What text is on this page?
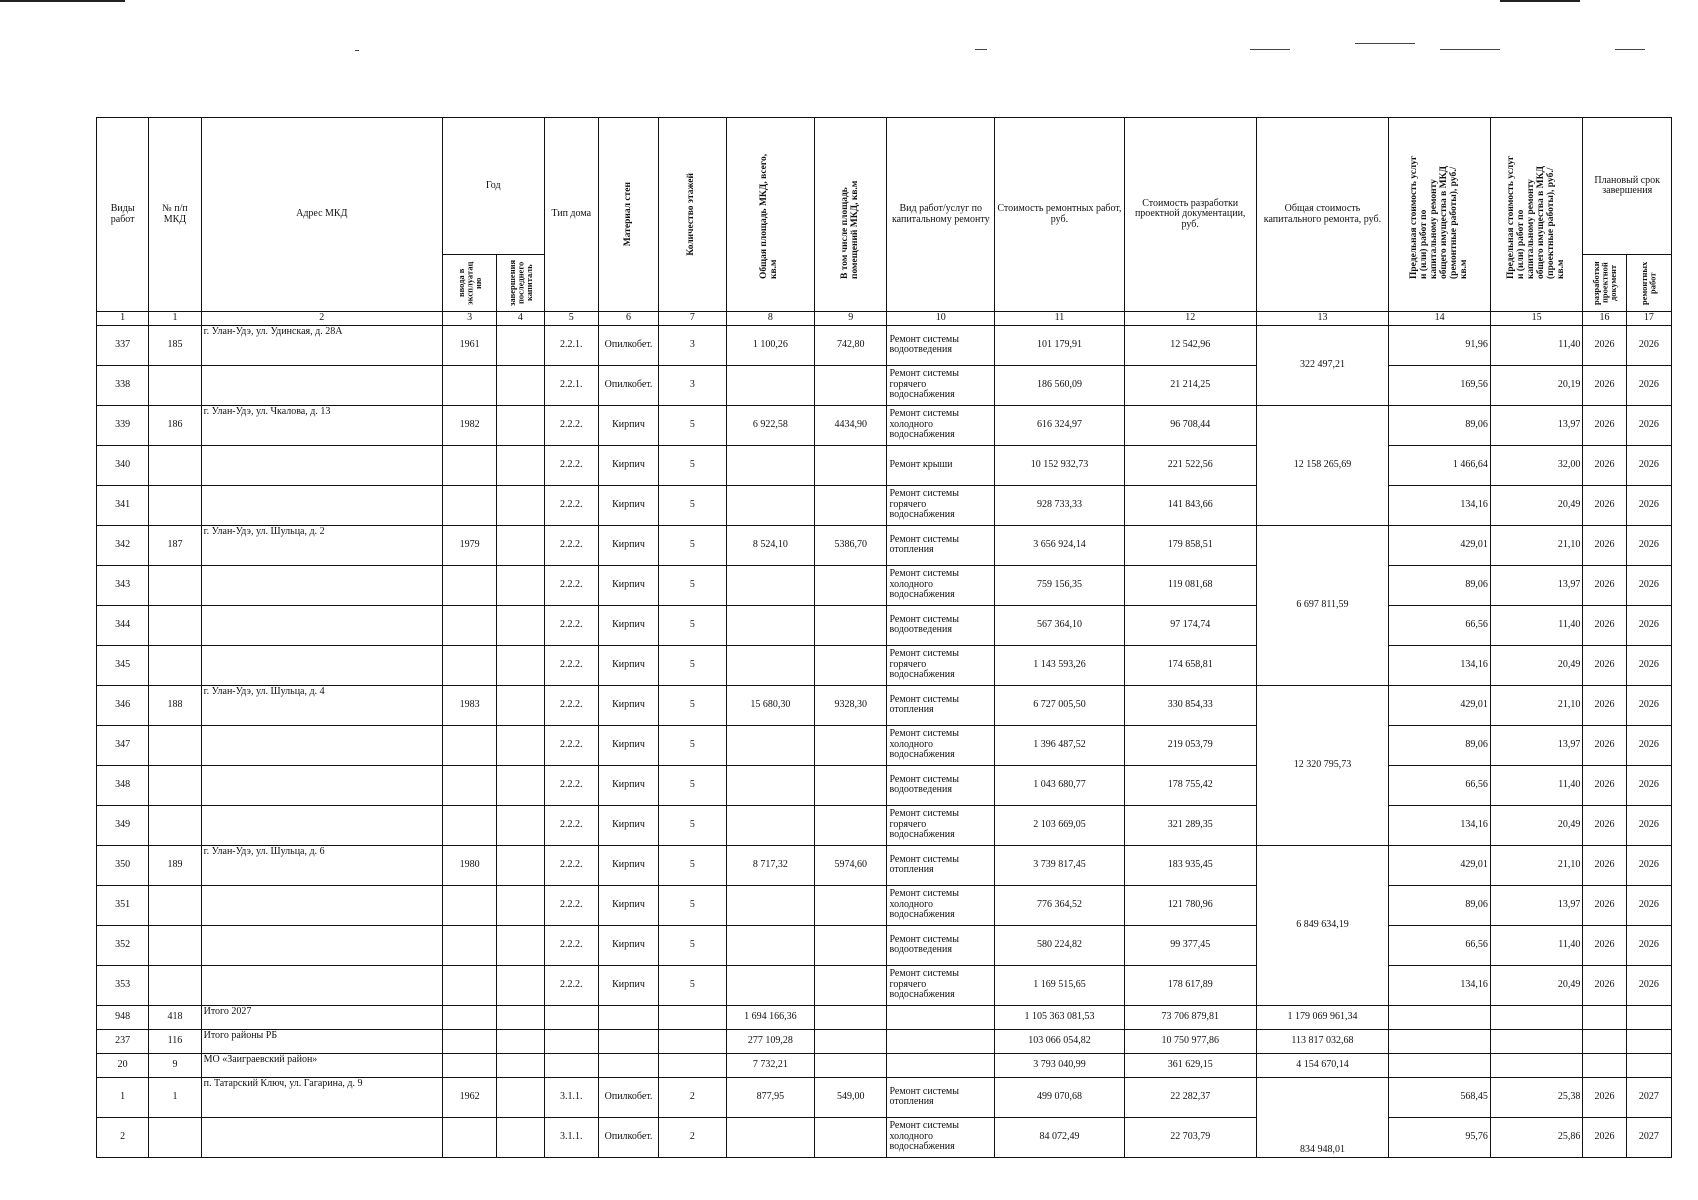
Виды работ	№ п/п МКД	Адрес МКД	Год		Тип дома	Материал стен	Количество этажей	Общая площадь МКД, всего, кв.м	В том числе площадь помещений МКД, кв.м	Вид работ/услуг по капитальному ремонту	Стоимость ремонтных работ, руб.	Стоимость разработки проектной документации, руб.	Общая стоимость капитального ремонта, руб.	Предельная стоимость услуг и (или) работ по капитальному ремонту общего имущества в МКД (ремонтные работы), руб./кв.м	Предельная стоимость услуг и (или) работ по капитальному ремонту общего имущества в МКД (проектные работы), руб./кв.м	Плановый срок завершения	

			ввода в эксплуатац ию	завершения последнего капиталь												разработки проектной документ	ремонтных работ

1	1	2	3	4	5	6	7	8	9	10	11	12	13	14	15	16	17
337	185	г. Улан-Удэ, ул. Удинская, д. 28А	1961		2.2.1.	Опилкобет.	3	1 100,26	742,80	Ремонт системы водоотведения	101 179,91	12 542,96	322 497,21	91,96	11,40	2026	2026
338					2.2.1.	Опилкобет.	3			Ремонт системы горячего водоснабжения	186 560,09	21 214,25		169,56	20,19	2026	2026
339	186	г. Улан-Удэ, ул. Чкалова, д. 13	1982		2.2.2.	Кирпич	5	6 922,58	4434,90	Ремонт системы холодного водоснабжения	616 324,97	96 708,44	12 158 265,69	89,06	13,97	2026	2026
340					2.2.2.	Кирпич	5			Ремонт крыши	10 152 932,73	221 522,56		1 466,64	32,00	2026	2026
341					2.2.2.	Кирпич	5			Ремонт системы горячего водоснабжения	928 733,33	141 843,66		134,16	20,49	2026	2026
342	187	г. Улан-Удэ, ул. Шульца, д. 2	1979		2.2.2.	Кирпич	5	8 524,10	5386,70	Ремонт системы отопления	3 656 924,14	179 858,51	6 697 811,59	429,01	21,10	2026	2026
343					2.2.2.	Кирпич	5			Ремонт системы холодного водоснабжения	759 156,35	119 081,68		89,06	13,97	2026	2026
344					2.2.2.	Кирпич	5			Ремонт системы водоотведения	567 364,10	97 174,74		66,56	11,40	2026	2026
345					2.2.2.	Кирпич	5			Ремонт системы горячего водоснабжения	1 143 593,26	174 658,81		134,16	20,49	2026	2026
346	188	г. Улан-Удэ, ул. Шульца, д. 4	1983		2.2.2.	Кирпич	5	15 680,30	9328,30	Ремонт системы отопления	6 727 005,50	330 854,33	12 320 795,73	429,01	21,10	2026	2026
347					2.2.2.	Кирпич	5			Ремонт системы холодного водоснабжения	1 396 487,52	219 053,79		89,06	13,97	2026	2026
348					2.2.2.	Кирпич	5			Ремонт системы водоотведения	1 043 680,77	178 755,42		66,56	11,40	2026	2026
349					2.2.2.	Кирпич	5			Ремонт системы горячего водоснабжения	2 103 669,05	321 289,35		134,16	20,49	2026	2026
350	189	г. Улан-Удэ, ул. Шульца, д. 6	1980		2.2.2.	Кирпич	5	8 717,32	5974,60	Ремонт системы отопления	3 739 817,45	183 935,45	6 849 634,19	429,01	21,10	2026	2026
351					2.2.2.	Кирпич	5			Ремонт системы холодного водоснабжения	776 364,52	121 780,96		89,06	13,97	2026	2026
352					2.2.2.	Кирпич	5			Ремонт системы водоотведения	580 224,82	99 377,45		66,56	11,40	2026	2026
353					2.2.2.	Кирпич	5			Ремонт системы горячего водоснабжения	1 169 515,65	178 617,89		134,16	20,49	2026	2026
948	418	Итого 2027						1 694 166,36			1 105 363 081,53	73 706 879,81	1 179 069 961,34				
237	116	Итого районы РБ						277 109,28			103 066 054,82	10 750 977,86	113 817 032,68				
20	9	МО «Заиграевский район»						7 732,21			3 793 040,99	361 629,15	4 154 670,14				
1	1	п. Татарский Ключ, ул. Гагарина, д. 9	1962		3.1.1.	Опилкобет.	2	877,95	549,00	Ремонт системы отопления	499 070,68	22 282,37	834 948,01	568,45	25,38	2026	2027
2					3.1.1.	Опилкобет.	2			Ремонт системы холодного водоснабжения	84 072,49	22 703,79		95,76	25,86	2026	2027
